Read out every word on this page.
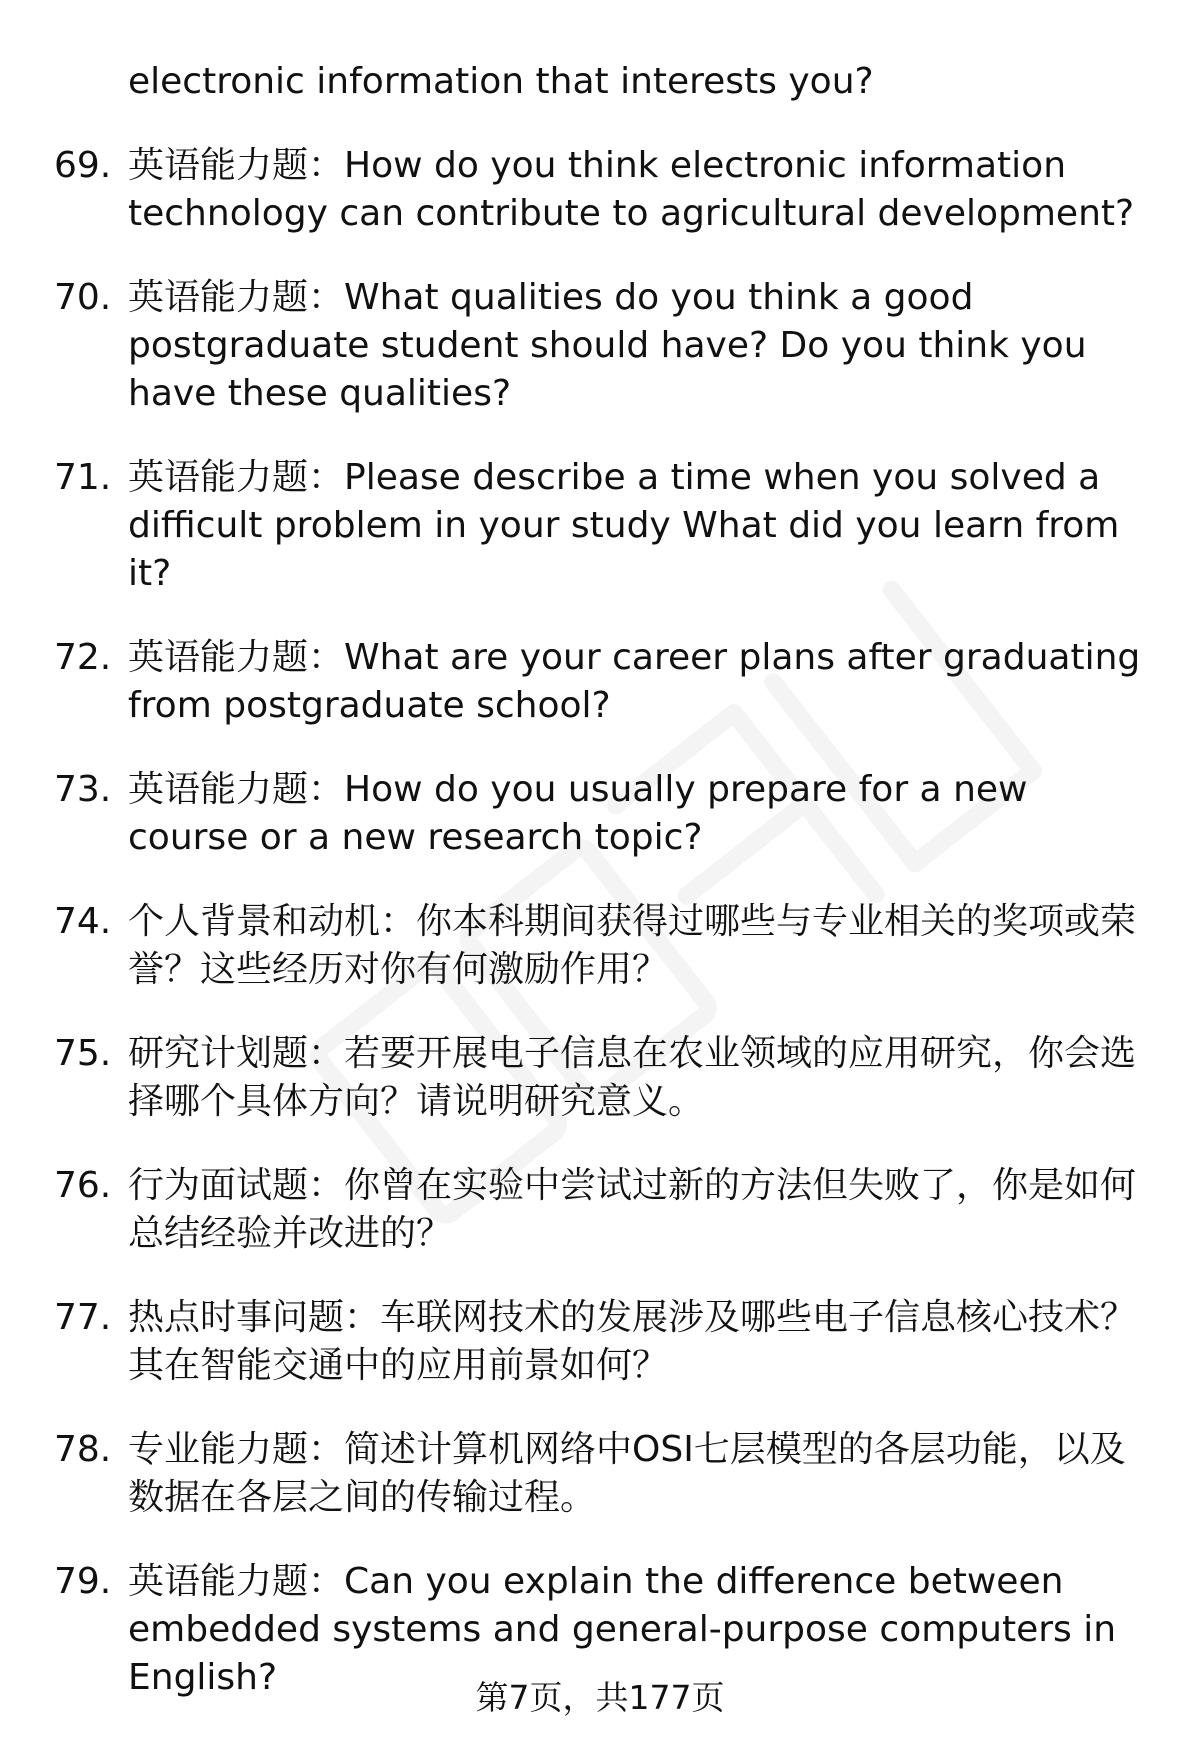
electronic information that interests you?
69. 英语能力题：How do you think electronic information technology can contribute to agricultural development?
70. 英语能力题：What qualities do you think a good postgraduate student should have? Do you think you have these qualities?
71. 英语能力题：Please describe a time when you solved a difficult problem in your study What did you learn from it?
72. 英语能力题：What are your career plans after graduating from postgraduate school?
73. 英语能力题：How do you usually prepare for a new course or a new research topic?
74. 个人背景和动机：你本科期间获得过哪些与专业相关的奖项或荣誉？这些经历对你有何激励作用？
75. 研究计划题：若要开展电子信息在农业领域的应用研究，你会选择哪个具体方向？请说明研究意义。
76. 行为面试题：你曾在实验中尝试过新的方法但失败了，你是如何总结经验并改进的？
77. 热点时事问题：车联网技术的发展涉及哪些电子信息核心技术？其在智能交通中的应用前景如何？
78. 专业能力题：简述计算机网络中OSI七层模型的各层功能，以及数据在各层之间的传输过程。
79. 英语能力题：Can you explain the difference between embedded systems and general-purpose computers in English?	第7页，共177页
